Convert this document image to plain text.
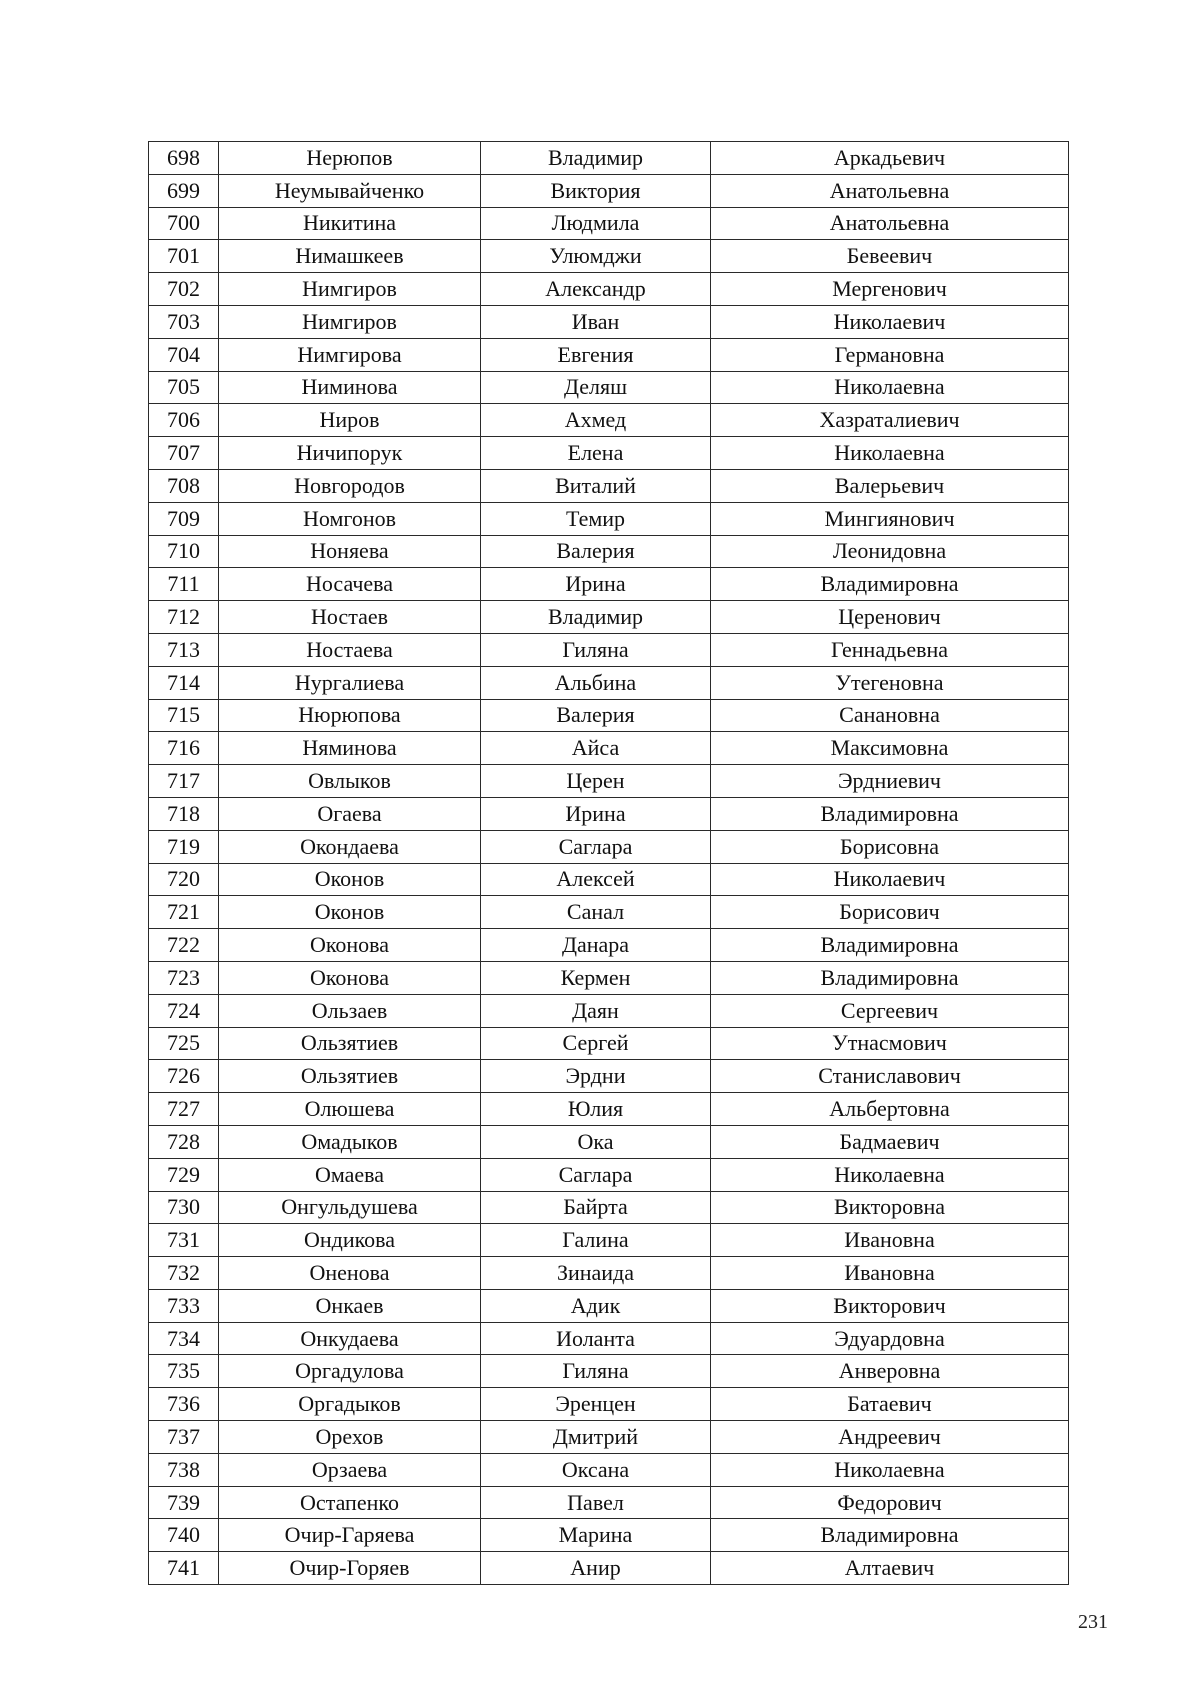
698	Нерюпов	Владимир	Аркадьевич
699	Неумывайченко	Виктория	Анатольевна
700	Никитина	Людмила	Анатольевна
701	Нимашкеев	Улюмджи	Бевеевич
702	Нимгиров	Александр	Мергенович
703	Нимгиров	Иван	Николаевич
704	Нимгирова	Евгения	Германовна
705	Ниминова	Деляш	Николаевна
706	Ниров	Ахмед	Хазраталиевич
707	Ничипорук	Елена	Николаевна
708	Новгородов	Виталий	Валерьевич
709	Номгонов	Темир	Мингиянович
710	Ноняева	Валерия	Леонидовна
711	Носачева	Ирина	Владимировна
712	Ностаев	Владимир	Церенович
713	Ностаева	Гиляна	Геннадьевна
714	Нургалиева	Альбина	Утегеновна
715	Нюрюпова	Валерия	Санановна
716	Няминова	Айса	Максимовна
717	Овлыков	Церен	Эрдниевич
718	Огаева	Ирина	Владимировна
719	Окондаева	Саглара	Борисовна
720	Оконов	Алексей	Николаевич
721	Оконов	Санал	Борисович
722	Оконова	Данара	Владимировна
723	Оконова	Кермен	Владимировна
724	Ользаев	Даян	Сергеевич
725	Ользятиев	Сергей	Утнасмович
726	Ользятиев	Эрдни	Станиславович
727	Олюшева	Юлия	Альбертовна
728	Омадыков	Ока	Бадмаевич
729	Омаева	Саглара	Николаевна
730	Онгульдушева	Байрта	Викторовна
731	Ондикова	Галина	Ивановна
732	Оненова	Зинаида	Ивановна
733	Онкаев	Адик	Викторович
734	Онкудаева	Иоланта	Эдуардовна
735	Оргадулова	Гиляна	Анверовна
736	Оргадыков	Эренцен	Батаевич
737	Орехов	Дмитрий	Андреевич
738	Орзаева	Оксана	Николаевна
739	Остапенко	Павел	Федорович
740	Очир-Гаряева	Марина	Владимировна
741	Очир-Горяев	Анир	Алтаевич
231
